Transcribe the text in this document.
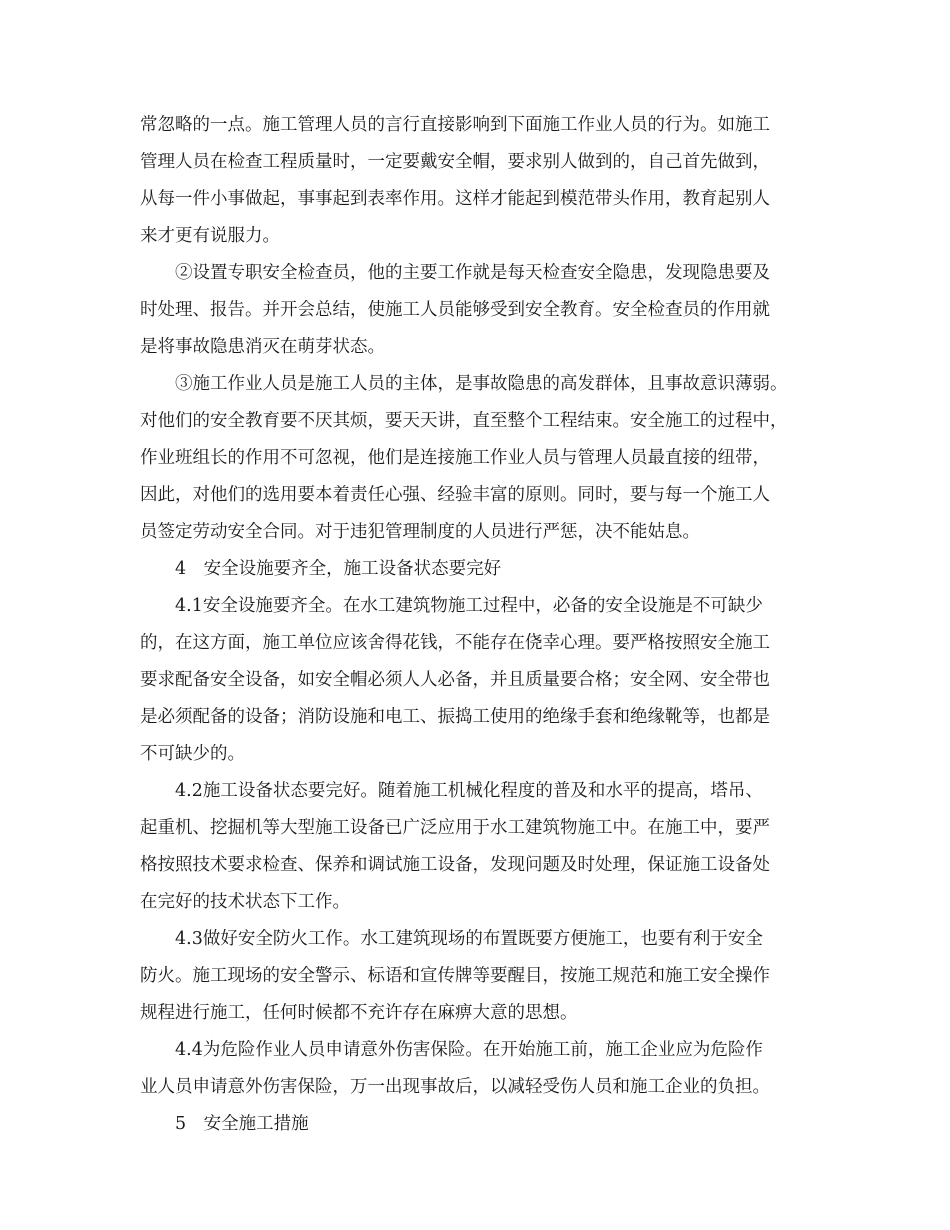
常忽略的一点。施工管理人员的言行直接影响到下面施工作业人员的行为。如施工
管理人员在检查工程质量时，一定要戴安全帽，要求别人做到的，自己首先做到，
从每一件小事做起，事事起到表率作用。这样才能起到模范带头作用，教育起别人
来才更有说服力。
②设置专职安全检查员，他的主要工作就是每天检查安全隐患，发现隐患要及
时处理、报告。并开会总结，使施工人员能够受到安全教育。安全检查员的作用就
是将事故隐患消灭在萌芽状态。
③施工作业人员是施工人员的主体，是事故隐患的高发群体，且事故意识薄弱。
对他们的安全教育要不厌其烦，要天天讲，直至整个工程结束。安全施工的过程中，
作业班组长的作用不可忽视，他们是连接施工作业人员与管理人员最直接的纽带，
因此，对他们的选用要本着责任心强、经验丰富的原则。同时，要与每一个施工人
员签定劳动安全合同。对于违犯管理制度的人员进行严惩，决不能姑息。
4　安全设施要齐全，施工设备状态要完好
4.1安全设施要齐全。在水工建筑物施工过程中，必备的安全设施是不可缺少
的，在这方面，施工单位应该舍得花钱，不能存在侥幸心理。要严格按照安全施工
要求配备安全设备，如安全帽必须人人必备，并且质量要合格；安全网、安全带也
是必须配备的设备；消防设施和电工、振捣工使用的绝缘手套和绝缘靴等，也都是
不可缺少的。
4.2施工设备状态要完好。随着施工机械化程度的普及和水平的提高，塔吊、
起重机、挖掘机等大型施工设备已广泛应用于水工建筑物施工中。在施工中，要严
格按照技术要求检查、保养和调试施工设备，发现问题及时处理，保证施工设备处
在完好的技术状态下工作。
4.3做好安全防火工作。水工建筑现场的布置既要方便施工，也要有利于安全
防火。施工现场的安全警示、标语和宣传牌等要醒目，按施工规范和施工安全操作
规程进行施工，任何时候都不充许存在麻痹大意的思想。
4.4为危险作业人员申请意外伤害保险。在开始施工前，施工企业应为危险作
业人员申请意外伤害保险，万一出现事故后，以减轻受伤人员和施工企业的负担。
5　安全施工措施
